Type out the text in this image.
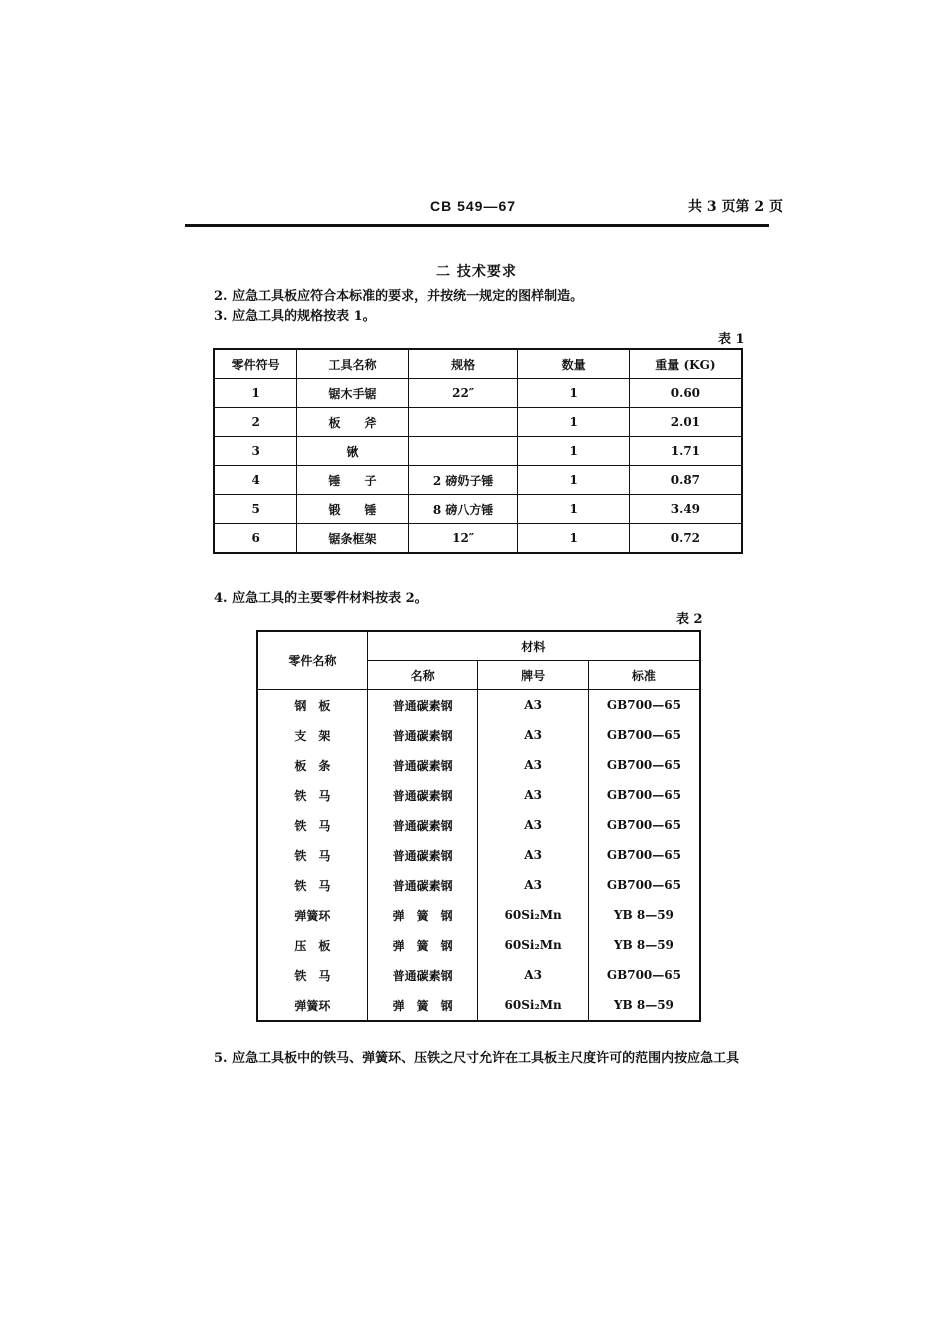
CB 549—67	共 3 页第 2 页
二 技术要求
2. 应急工具板应符合本标准的要求，并按统一规定的图样制造。
3. 应急工具的规格按表 1。
表 1
零件符号	工具名称	规格	数量	重量 (KG)
1	锯木手锯	22″	1	0.60
2	板　　斧		1	2.01
3	锹		1	1.71
4	锤　　子	2 磅奶子锤	1	0.87
5	锻　　锤	8 磅八方锤	1	3.49
6	锯条框架	12″	1	0.72
4. 应急工具的主要零件材料按表 2。
表 2
零件名称	材料		
	名称	牌号	标准
钢　板	普通碳素钢	A3	GB700—65
支　架	普通碳素钢	A3	GB700—65
板　条	普通碳素钢	A3	GB700—65
铁　马	普通碳素钢	A3	GB700—65
铁　马	普通碳素钢	A3	GB700—65
铁　马	普通碳素钢	A3	GB700—65
铁　马	普通碳素钢	A3	GB700—65
弹簧环	弹　簧　钢	60Si₂Mn	YB 8—59
压　板	弹　簧　钢	60Si₂Mn	YB 8—59
铁　马	普通碳素钢	A3	GB700—65
弹簧环	弹　簧　钢	60Si₂Mn	YB 8—59
5. 应急工具板中的铁马、弹簧环、压铁之尺寸允许在工具板主尺度许可的范围内按应急工具
